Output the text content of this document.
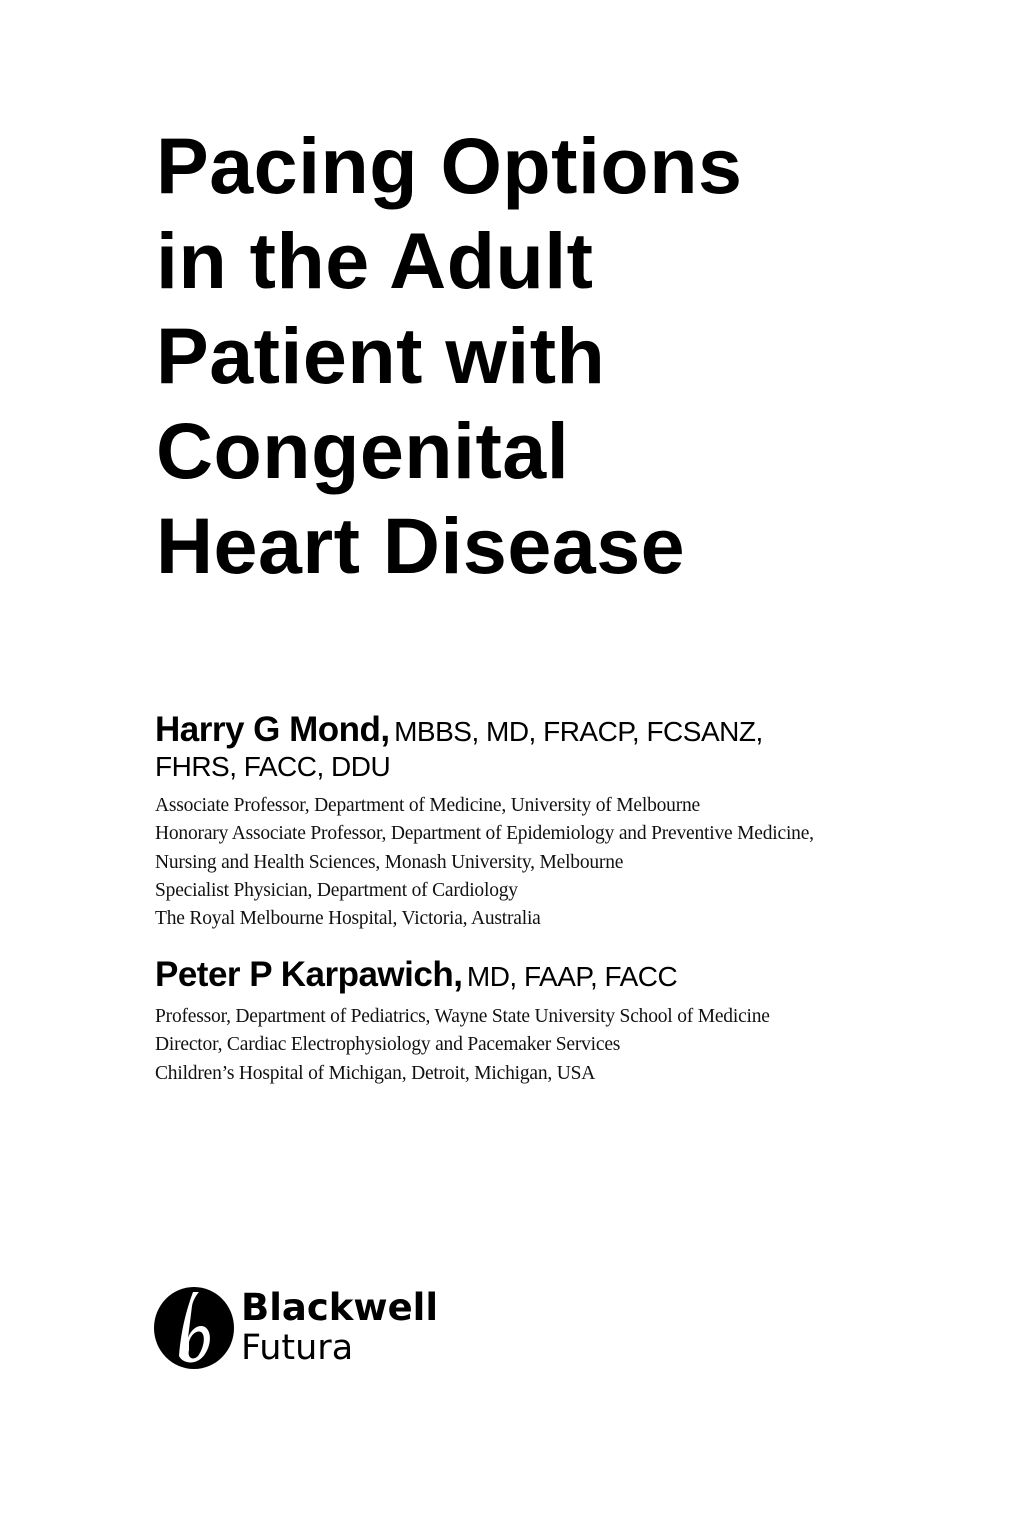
Pacing Options
in the Adult
Patient with
Congenital
Heart Disease
Harry G Mond, MBBS, MD, FRACP, FCSANZ,
FHRS, FACC, DDU
Associate Professor, Department of Medicine, University of Melbourne
Honorary Associate Professor, Department of Epidemiology and Preventive Medicine,
Nursing and Health Sciences, Monash University, Melbourne
Specialist Physician, Department of Cardiology
The Royal Melbourne Hospital, Victoria, Australia
Peter P Karpawich, MD, FAAP, FACC
Professor, Department of Pediatrics, Wayne State University School of Medicine
Director, Cardiac Electrophysiology and Pacemaker Services
Children’s Hospital of Michigan, Detroit, Michigan, USA
Blackwell
Futura
